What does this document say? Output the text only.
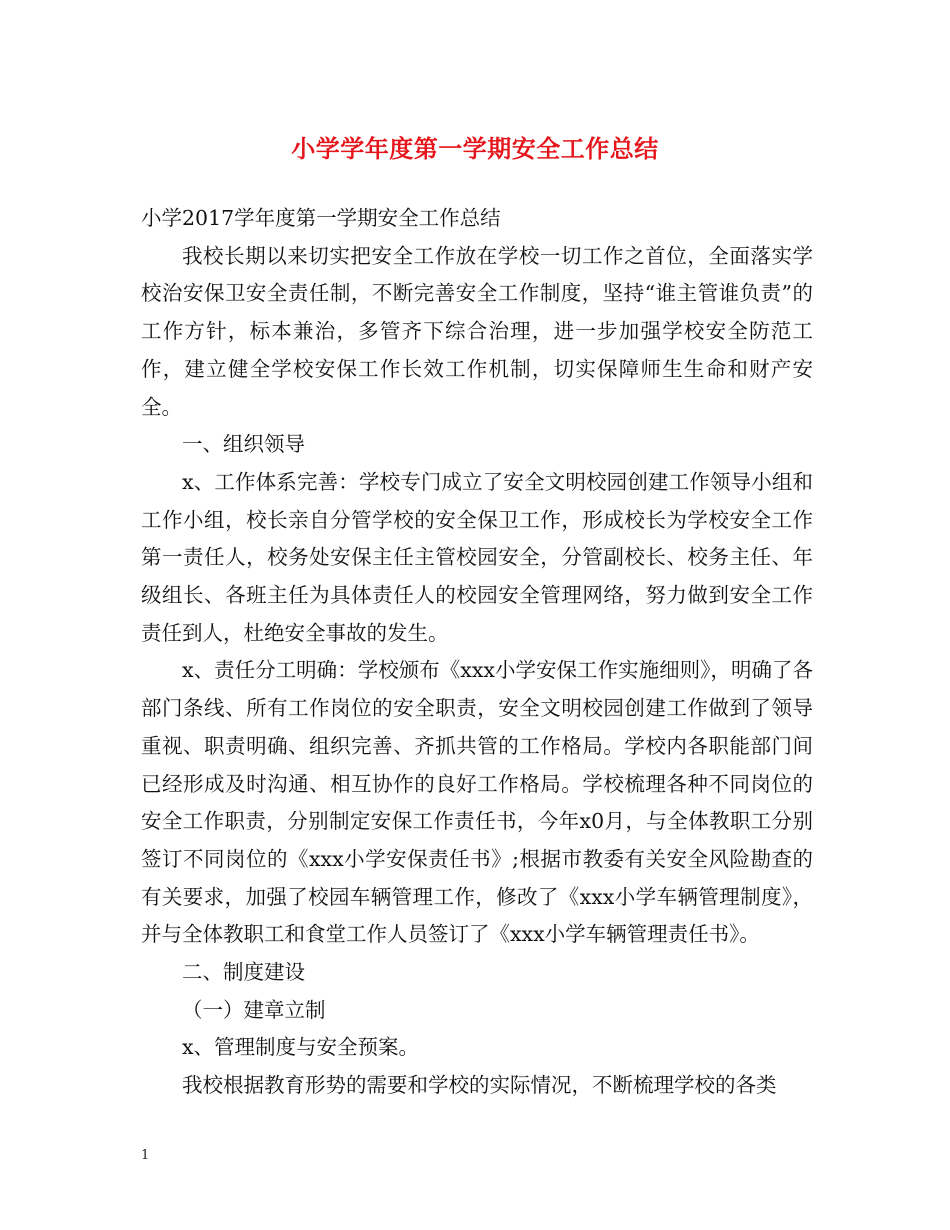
小学学年度第一学期安全工作总结

小学2017学年度第一学期安全工作总结

我校长期以来切实把安全工作放在学校一切工作之首位，全面落实学校治安保卫安全责任制，不断完善安全工作制度，坚持“谁主管谁负责”的工作方针，标本兼治，多管齐下综合治理，进一步加强学校安全防范工作，建立健全学校安保工作长效工作机制，切实保障师生生命和财产安全。

一、组织领导

x、工作体系完善：学校专门成立了安全文明校园创建工作领导小组和工作小组，校长亲自分管学校的安全保卫工作，形成校长为学校安全工作第一责任人，校务处安保主任主管校园安全，分管副校长、校务主任、年级组长、各班主任为具体责任人的校园安全管理网络，努力做到安全工作责任到人，杜绝安全事故的发生。

x、责任分工明确：学校颁布《xxx小学安保工作实施细则》，明确了各部门条线、所有工作岗位的安全职责，安全文明校园创建工作做到了领导重视、职责明确、组织完善、齐抓共管的工作格局。学校内各职能部门间已经形成及时沟通、相互协作的良好工作格局。学校梳理各种不同岗位的安全工作职责，分别制定安保工作责任书，今年x0月，与全体教职工分别签订不同岗位的《xxx小学安保责任书》;根据市教委有关安全风险勘查的有关要求，加强了校园车辆管理工作，修改了《xxx小学车辆管理制度》，并与全体教职工和食堂工作人员签订了《xxx小学车辆管理责任书》。

二、制度建设

（一）建章立制

x、管理制度与安全预案。

我校根据教育形势的需要和学校的实际情况，不断梳理学校的各类

1
